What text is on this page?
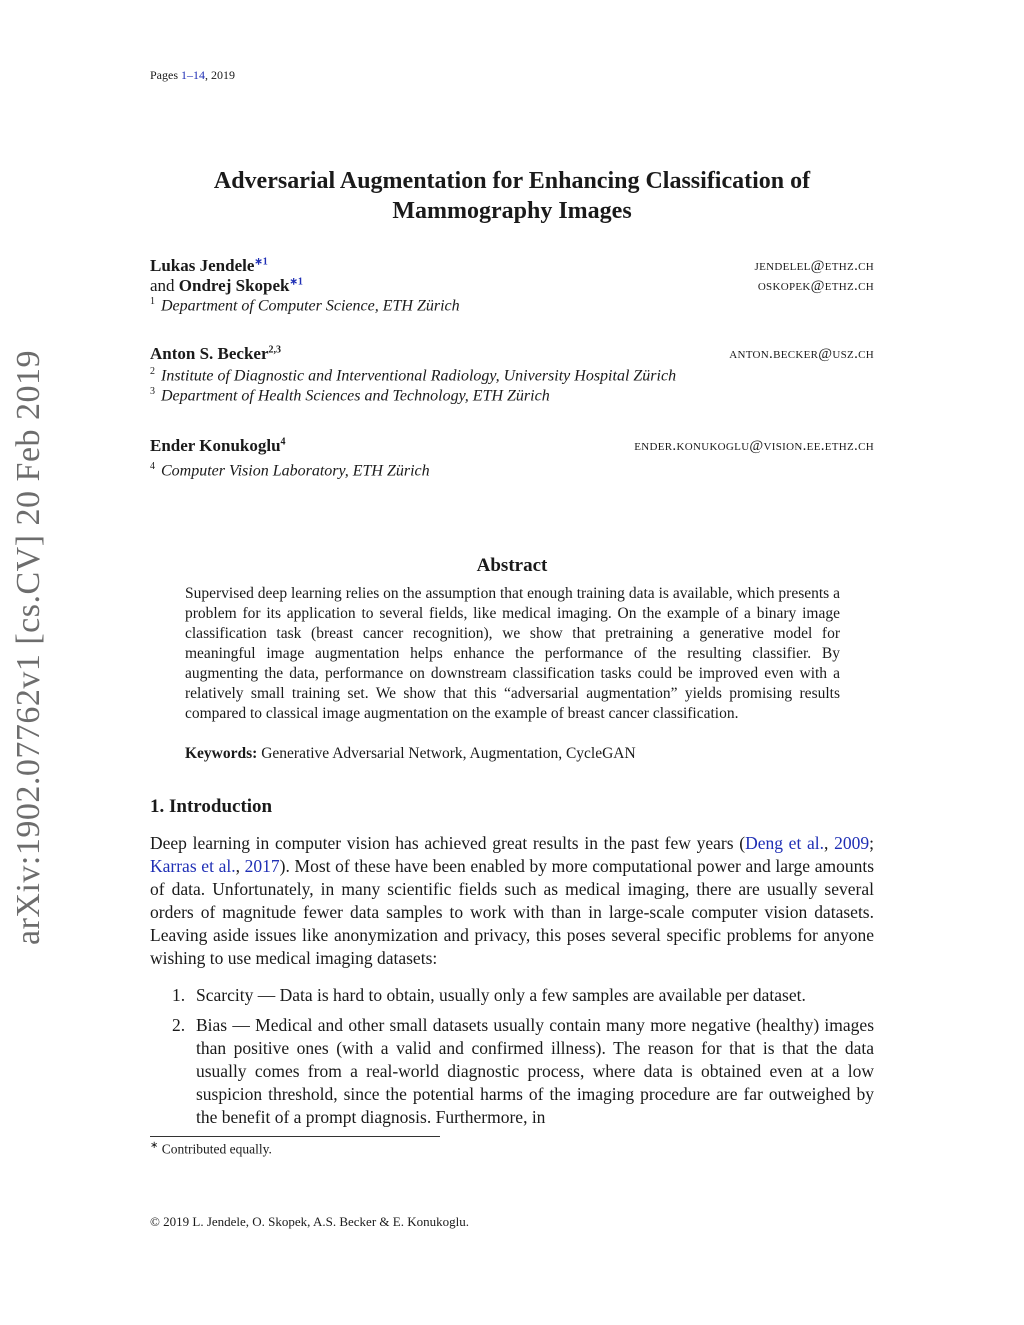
arXiv:1902.07762v1 [cs.CV] 20 Feb 2019
Pages 1–14, 2019
Adversarial Augmentation for Enhancing Classification of
Mammography Images
Lukas Jendele$^{∗1}$	jendelel@ethz.ch
and Ondrej Skopek$^{∗1}$	oskopek@ethz.ch
$^1$ Department of Computer Science, ETH Zürich
Anton S. Becker$^{2,3}$	anton.becker@usz.ch
$^2$ Institute of Diagnostic and Interventional Radiology, University Hospital Zürich
$^3$ Department of Health Sciences and Technology, ETH Zürich
Ender Konukoglu$^4$	ender.konukoglu@vision.ee.ethz.ch
$^4$ Computer Vision Laboratory, ETH Zürich
Abstract
Supervised deep learning relies on the assumption that enough training data is available, which presents a problem for its application to several fields, like medical imaging. On the example of a binary image classification task (breast cancer recognition), we show that pretraining a generative model for meaningful image augmentation helps enhance the performance of the resulting classifier. By augmenting the data, performance on downstream classification tasks could be improved even with a relatively small training set. We show that this “adversarial augmentation” yields promising results compared to classical image augmentation on the example of breast cancer classification.
Keywords: Generative Adversarial Network, Augmentation, CycleGAN
1. Introduction
Deep learning in computer vision has achieved great results in the past few years (Deng et al., 2009; Karras et al., 2017). Most of these have been enabled by more computational power and large amounts of data. Unfortunately, in many scientific fields such as medical imaging, there are usually several orders of magnitude fewer data samples to work with than in large-scale computer vision datasets. Leaving aside issues like anonymization and privacy, this poses several specific problems for anyone wishing to use medical imaging datasets:
1. Scarcity — Data is hard to obtain, usually only a few samples are available per dataset.
2. Bias — Medical and other small datasets usually contain many more negative (healthy) images than positive ones (with a valid and confirmed illness). The reason for that is that the data usually comes from a real-world diagnostic process, where data is obtained even at a low suspicion threshold, since the potential harms of the imaging procedure are far outweighed by the benefit of a prompt diagnosis. Furthermore, in
∗ Contributed equally.
© 2019 L. Jendele, O. Skopek, A.S. Becker & E. Konukoglu.
